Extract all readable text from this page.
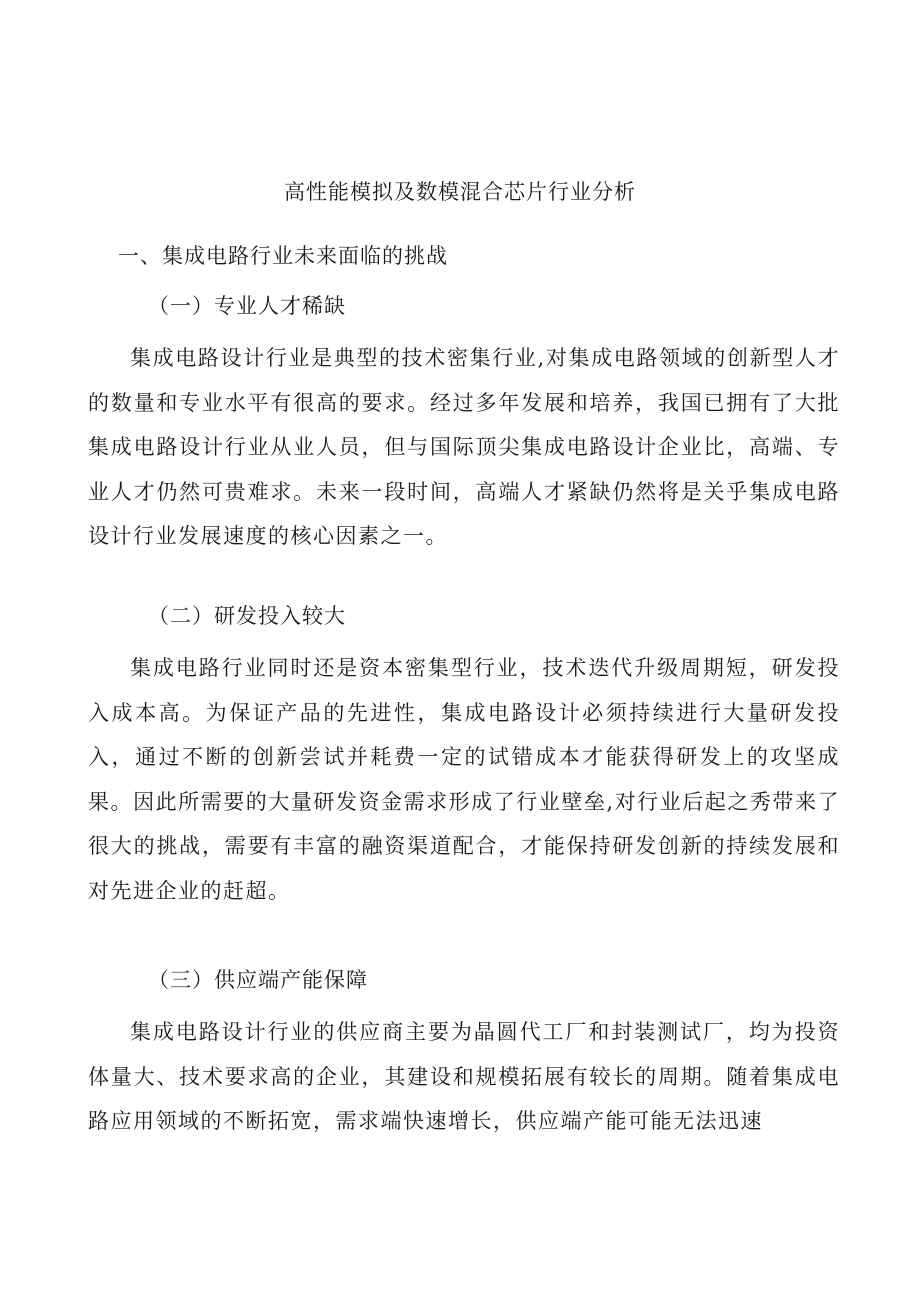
高性能模拟及数模混合芯片行业分析
一、集成电路行业未来面临的挑战
（一）专业人才稀缺

集成电路设计行业是典型的技术密集行业,对集成电路领域的创新型人才的数量和专业水平有很高的要求。经过多年发展和培养，我国已拥有了大批集成电路设计行业从业人员，但与国际顶尖集成电路设计企业比，高端、专业人才仍然可贵难求。未来一段时间，高端人才紧缺仍然将是关乎集成电路设计行业发展速度的核心因素之一。

（二）研发投入较大

集成电路行业同时还是资本密集型行业，技术迭代升级周期短，研发投入成本高。为保证产品的先进性，集成电路设计必须持续进行大量研发投入，通过不断的创新尝试并耗费一定的试错成本才能获得研发上的攻坚成果。因此所需要的大量研发资金需求形成了行业壁垒,对行业后起之秀带来了很大的挑战，需要有丰富的融资渠道配合，才能保持研发创新的持续发展和对先进企业的赶超。

（三）供应端产能保障

集成电路设计行业的供应商主要为晶圆代工厂和封装测试厂，均为投资体量大、技术要求高的企业，其建设和规模拓展有较长的周期。随着集成电路应用领域的不断拓宽，需求端快速增长，供应端产能可能无法迅速
